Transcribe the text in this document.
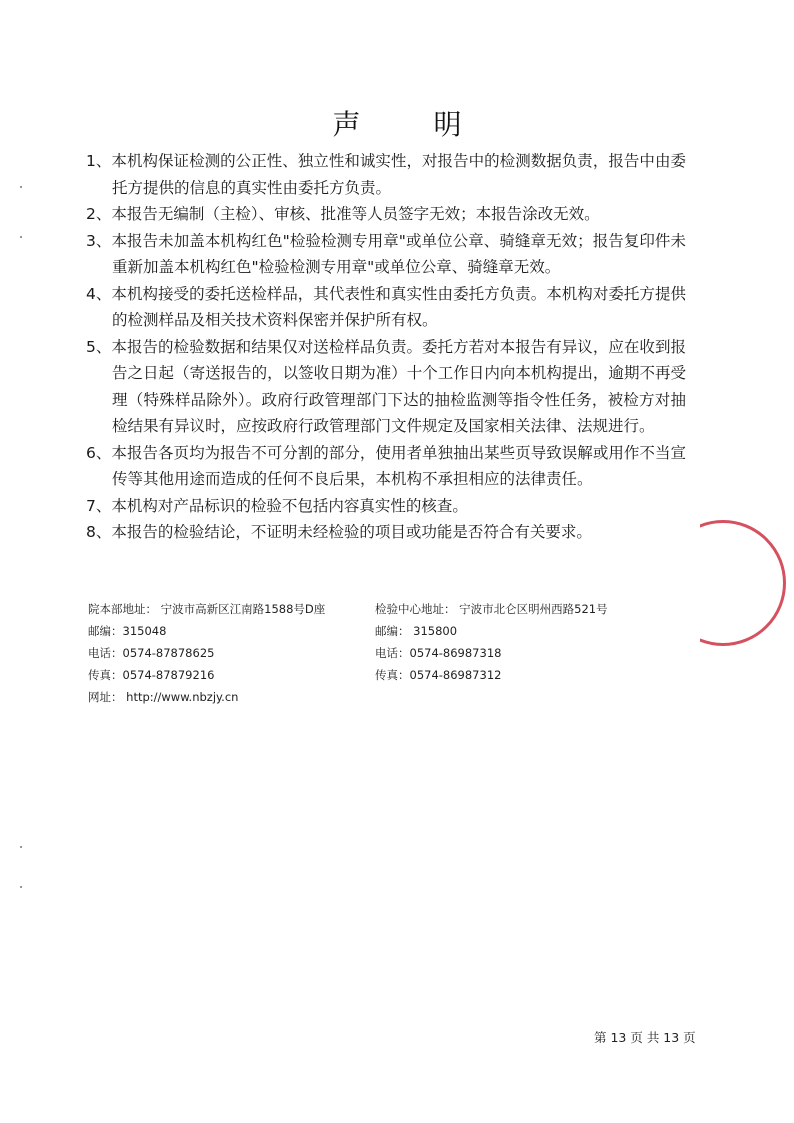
声 明
1、本机构保证检测的公正性、独立性和诚实性，对报告中的检测数据负责，报告中由委托方提供的信息的真实性由委托方负责。
2、本报告无编制（主检）、审核、批准等人员签字无效；本报告涂改无效。
3、本报告未加盖本机构红色"检验检测专用章"或单位公章、骑缝章无效；报告复印件未重新加盖本机构红色"检验检测专用章"或单位公章、骑缝章无效。
4、本机构接受的委托送检样品，其代表性和真实性由委托方负责。本机构对委托方提供的检测样品及相关技术资料保密并保护所有权。
5、本报告的检验数据和结果仅对送检样品负责。委托方若对本报告有异议，应在收到报告之日起（寄送报告的，以签收日期为准）十个工作日内向本机构提出，逾期不再受理（特殊样品除外）。政府行政管理部门下达的抽检监测等指令性任务，被检方对抽检结果有异议时，应按政府行政管理部门文件规定及国家相关法律、法规进行。
6、本报告各页均为报告不可分割的部分，使用者单独抽出某些页导致误解或用作不当宣传等其他用途而造成的任何不良后果，本机构不承担相应的法律责任。
7、本机构对产品标识的检验不包括内容真实性的核查。
8、本报告的检验结论，不证明未经检验的项目或功能是否符合有关要求。
院本部地址： 宁波市高新区江南路1588号D座
邮编：315048
电话：0574-87878625
传真：0574-87879216
网址： http://www.nbzjy.cn
检验中心地址： 宁波市北仑区明州西路521号
邮编： 315800
电话：0574-86987318
传真：0574-86987312
第 13 页 共 13 页
